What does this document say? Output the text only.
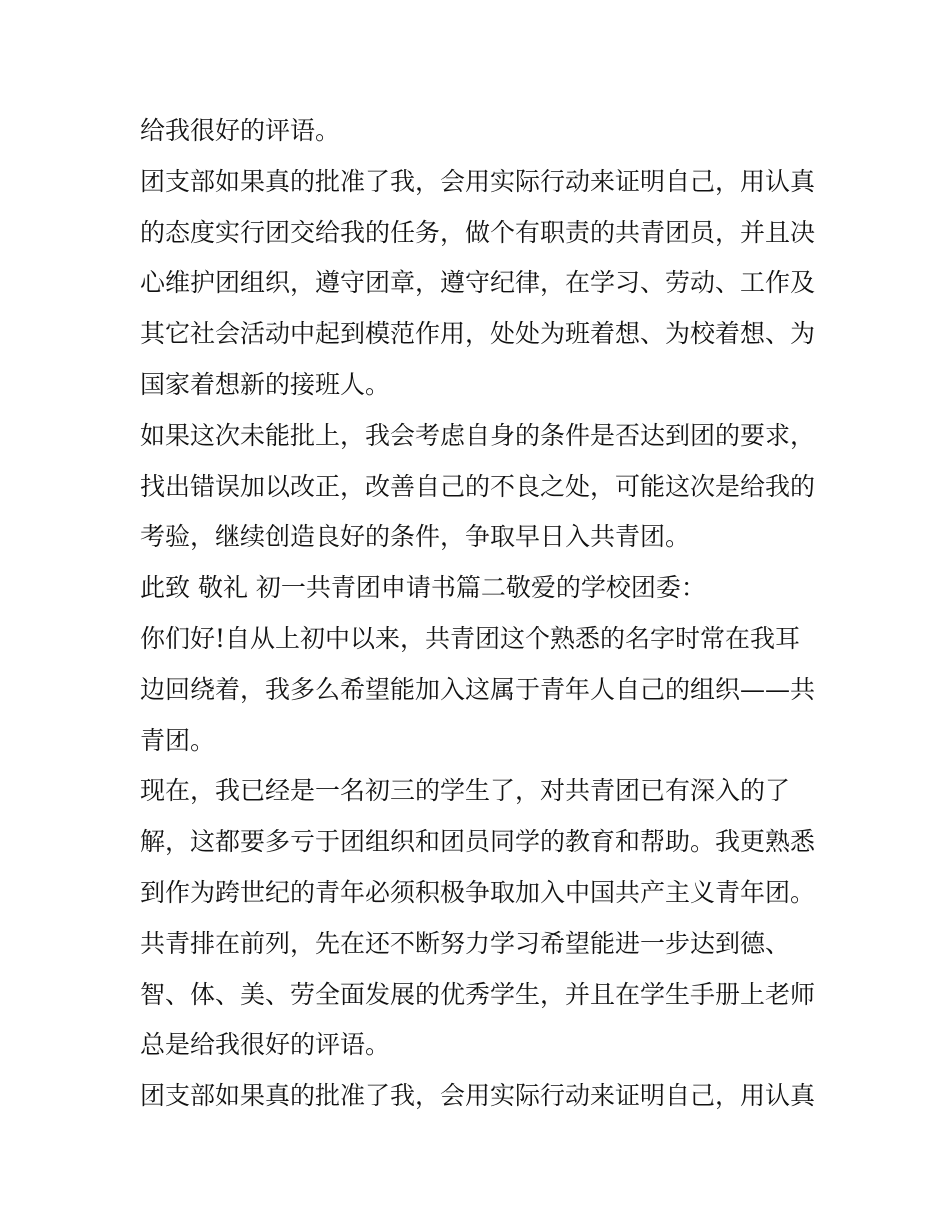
给我很好的评语。
团支部如果真的批准了我，会用实际行动来证明自己，用认真
的态度实行团交给我的任务，做个有职责的共青团员，并且决
心维护团组织，遵守团章，遵守纪律，在学习、劳动、工作及
其它社会活动中起到模范作用，处处为班着想、为校着想、为
国家着想新的接班人。
如果这次未能批上，我会考虑自身的条件是否达到团的要求，
找出错误加以改正，改善自己的不良之处，可能这次是给我的
考验，继续创造良好的条件，争取早日入共青团。
此致 敬礼 初一共青团申请书篇二敬爱的学校团委：
你们好!自从上初中以来，共青团这个熟悉的名字时常在我耳
边回绕着，我多么希望能加入这属于青年人自己的组织——共
青团。
现在，我已经是一名初三的学生了，对共青团已有深入的了
解，这都要多亏于团组织和团员同学的教育和帮助。我更熟悉
到作为跨世纪的青年必须积极争取加入中国共产主义青年团。
共青排在前列，先在还不断努力学习希望能进一步达到德、
智、体、美、劳全面发展的优秀学生，并且在学生手册上老师
总是给我很好的评语。
团支部如果真的批准了我，会用实际行动来证明自己，用认真
